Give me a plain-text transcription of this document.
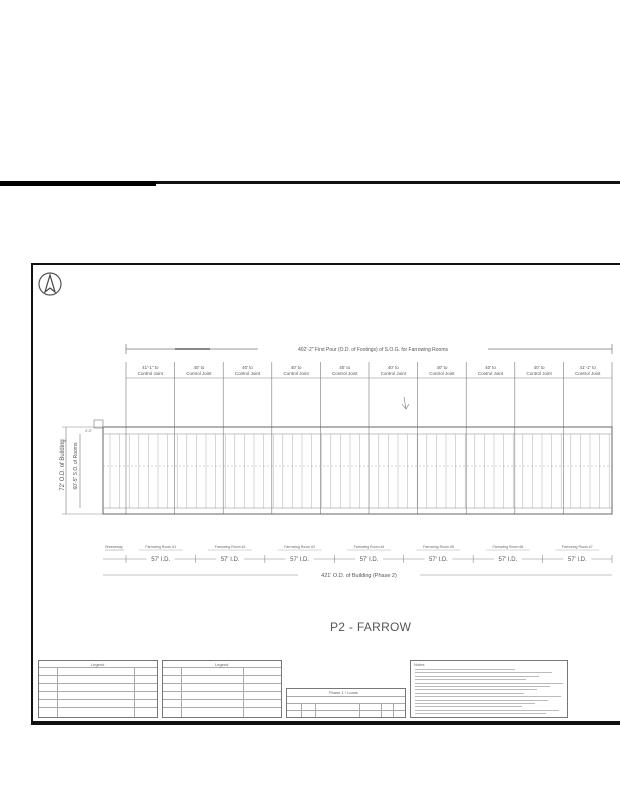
402'-2" First Pour (O.D. of Footings) of S.O.G. for Farrowing Rooms
41'-1" to
Control Joint
40' to
Control Joint
40' to
Control Joint
40' to
Control Joint
40' to
Control Joint
40' to
Control Joint
40' to
Control Joint
40' to
Control Joint
40' to
Control Joint
41'-1" to
Control Joint
72' O.D. of Building 60'-5" S.O. of Rooms
4'-0"
Breezeway	Farrowing Room #1	Farrowing Room #2	Farrowing Room #3	Farrowing Room #4	Farrowing Room #5	Farrowing Room #6	Farrowing Room #7
57' I.D.	57' I.D.	57' I.D.	57' I.D.	57' I.D.	57' I.D.	57' I.D.
421' O.D. of Building (Phase 2)
P2 - FARROW
Legend	Legend
Phase 1 / Loads
Notes
